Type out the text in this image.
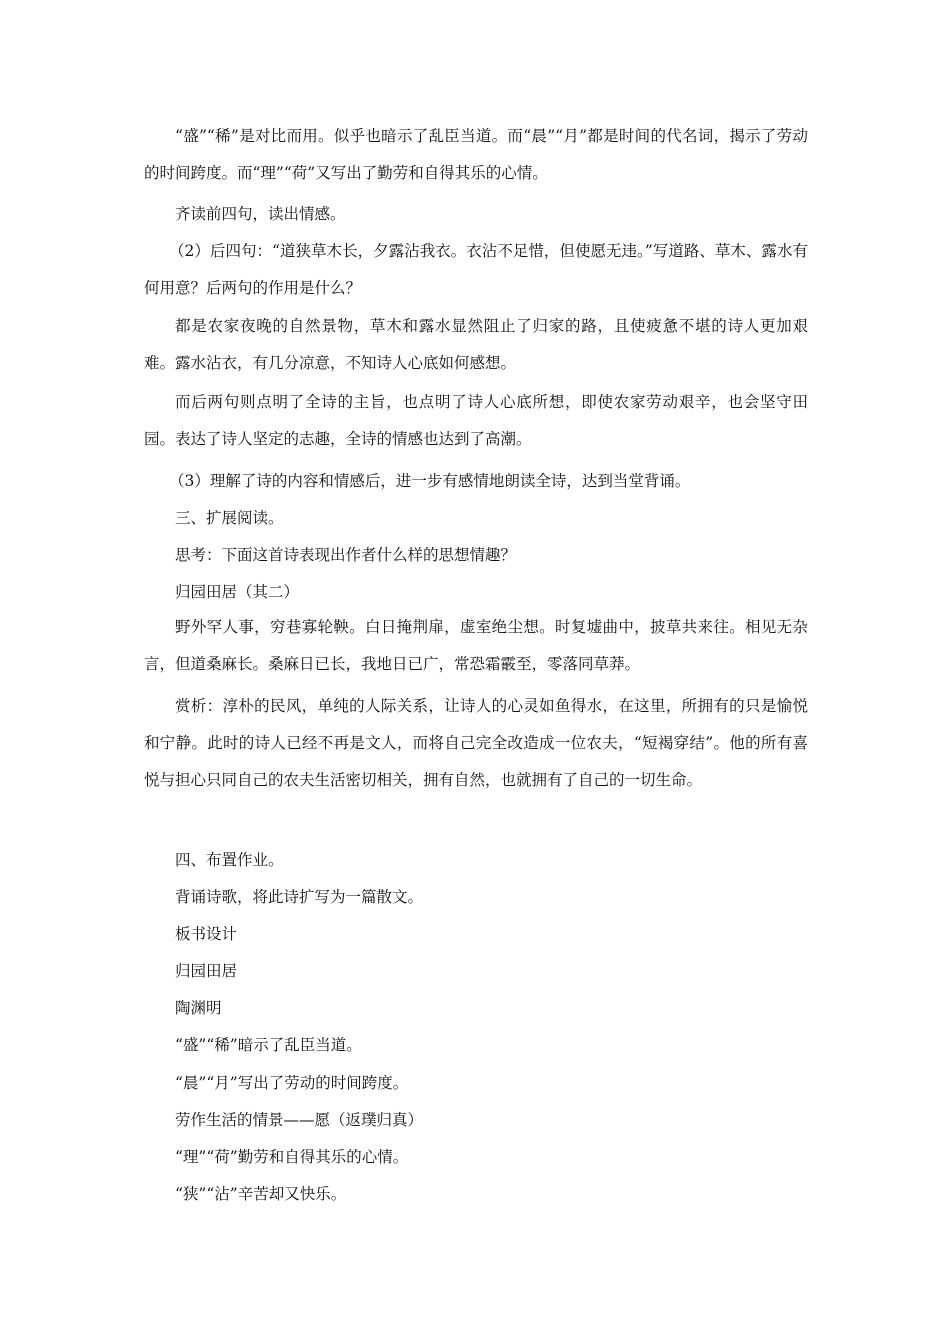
“盛”“稀”是对比而用。似乎也暗示了乱臣当道。而“晨”“月”都是时间的代名词，揭示了劳动的时间跨度。而“理”“荷”又写出了勤劳和自得其乐的心情。

齐读前四句，读出情感。

（2）后四句：“道狭草木长，夕露沾我衣。衣沾不足惜，但使愿无违。”写道路、草木、露水有何用意？后两句的作用是什么？

都是农家夜晚的自然景物，草木和露水显然阻止了归家的路，且使疲惫不堪的诗人更加艰难。露水沾衣，有几分凉意，不知诗人心底如何感想。

而后两句则点明了全诗的主旨，也点明了诗人心底所想，即使农家劳动艰辛，也会坚守田园。表达了诗人坚定的志趣，全诗的情感也达到了高潮。

（3）理解了诗的内容和情感后，进一步有感情地朗读全诗，达到当堂背诵。

三、扩展阅读。

思考：下面这首诗表现出作者什么样的思想情趣？

归园田居（其二）

野外罕人事，穷巷寡轮鞅。白日掩荆扉，虚室绝尘想。时复墟曲中，披草共来往。相见无杂言，但道桑麻长。桑麻日已长，我地日已广，常恐霜霰至，零落同草莽。

赏析：淳朴的民风，单纯的人际关系，让诗人的心灵如鱼得水，在这里，所拥有的只是愉悦和宁静。此时的诗人已经不再是文人，而将自己完全改造成一位农夫，“短褐穿结”。他的所有喜悦与担心只同自己的农夫生活密切相关，拥有自然，也就拥有了自己的一切生命。

四、布置作业。

背诵诗歌，将此诗扩写为一篇散文。

板书设计

归园田居

陶渊明

“盛”“稀”暗示了乱臣当道。

“晨”“月”写出了劳动的时间跨度。

劳作生活的情景——愿（返璞归真）

“理”“荷”勤劳和自得其乐的心情。

“狭”“沾”辛苦却又快乐。
